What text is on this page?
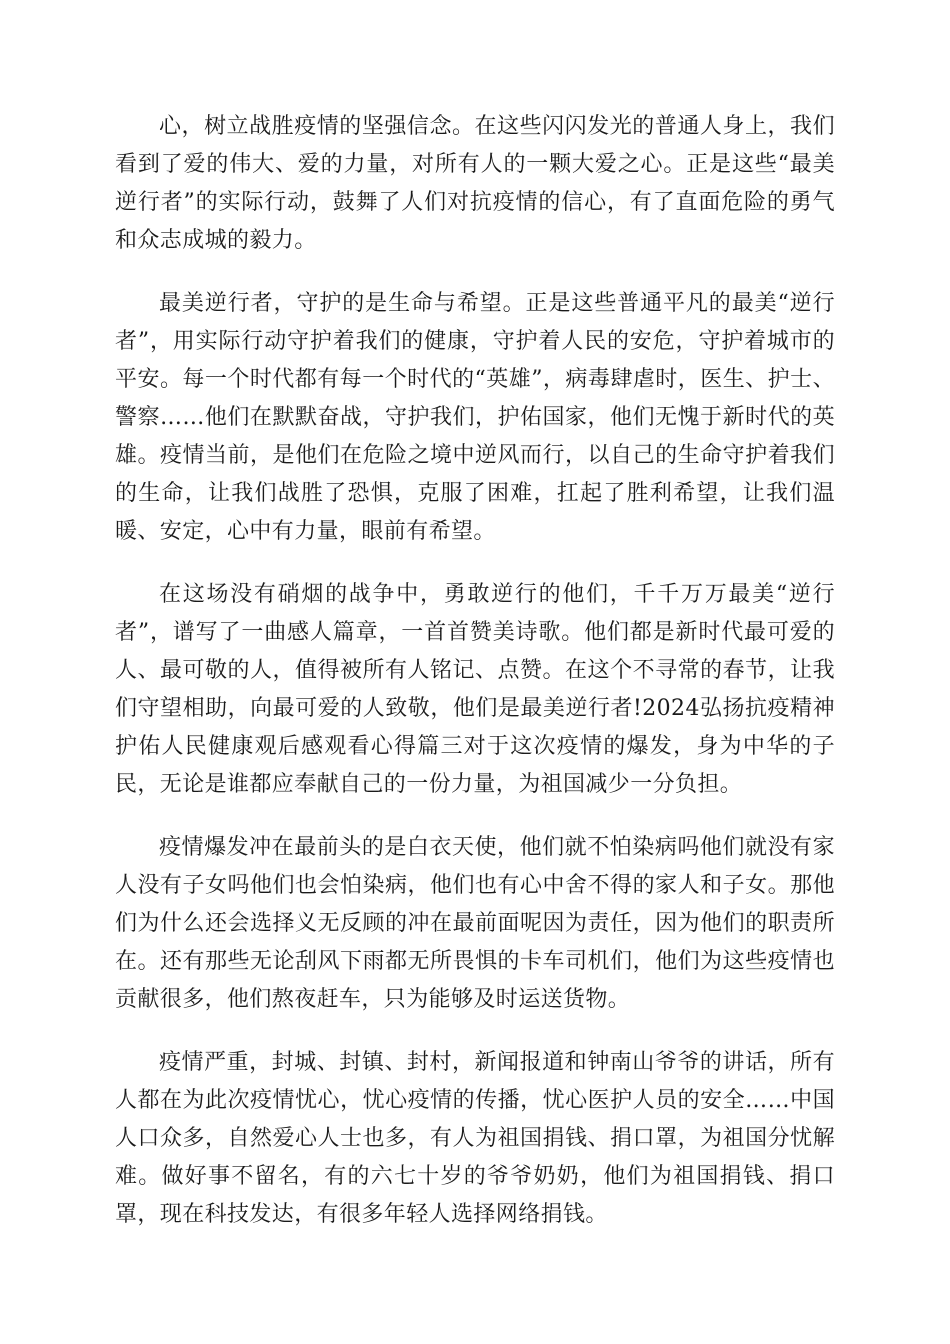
心，树立战胜疫情的坚强信念。在这些闪闪发光的普通人身上，我们看到了爱的伟大、爱的力量，对所有人的一颗大爱之心。正是这些“最美逆行者”的实际行动，鼓舞了人们对抗疫情的信心，有了直面危险的勇气和众志成城的毅力。

最美逆行者，守护的是生命与希望。正是这些普通平凡的最美“逆行者”，用实际行动守护着我们的健康，守护着人民的安危，守护着城市的平安。每一个时代都有每一个时代的“英雄”，病毒肆虐时，医生、护士、警察……他们在默默奋战，守护我们，护佑国家，他们无愧于新时代的英雄。疫情当前，是他们在危险之境中逆风而行，以自己的生命守护着我们的生命，让我们战胜了恐惧，克服了困难，扛起了胜利希望，让我们温暖、安定，心中有力量，眼前有希望。

在这场没有硝烟的战争中，勇敢逆行的他们，千千万万最美“逆行者”，谱写了一曲感人篇章，一首首赞美诗歌。他们都是新时代最可爱的人、最可敬的人，值得被所有人铭记、点赞。在这个不寻常的春节，让我们守望相助，向最可爱的人致敬，他们是最美逆行者!2024弘扬抗疫精神护佑人民健康观后感观看心得篇三对于这次疫情的爆发，身为中华的子民，无论是谁都应奉献自己的一份力量，为祖国减少一分负担。

疫情爆发冲在最前头的是白衣天使，他们就不怕染病吗他们就没有家人没有子女吗他们也会怕染病，他们也有心中舍不得的家人和子女。那他们为什么还会选择义无反顾的冲在最前面呢因为责任，因为他们的职责所在。还有那些无论刮风下雨都无所畏惧的卡车司机们，他们为这些疫情也贡献很多，他们熬夜赶车，只为能够及时运送货物。

疫情严重，封城、封镇、封村，新闻报道和钟南山爷爷的讲话，所有人都在为此次疫情忧心，忧心疫情的传播，忧心医护人员的安全……中国人口众多，自然爱心人士也多，有人为祖国捐钱、捐口罩，为祖国分忧解难。做好事不留名，有的六七十岁的爷爷奶奶，他们为祖国捐钱、捐口罩，现在科技发达，有很多年轻人选择网络捐钱。
